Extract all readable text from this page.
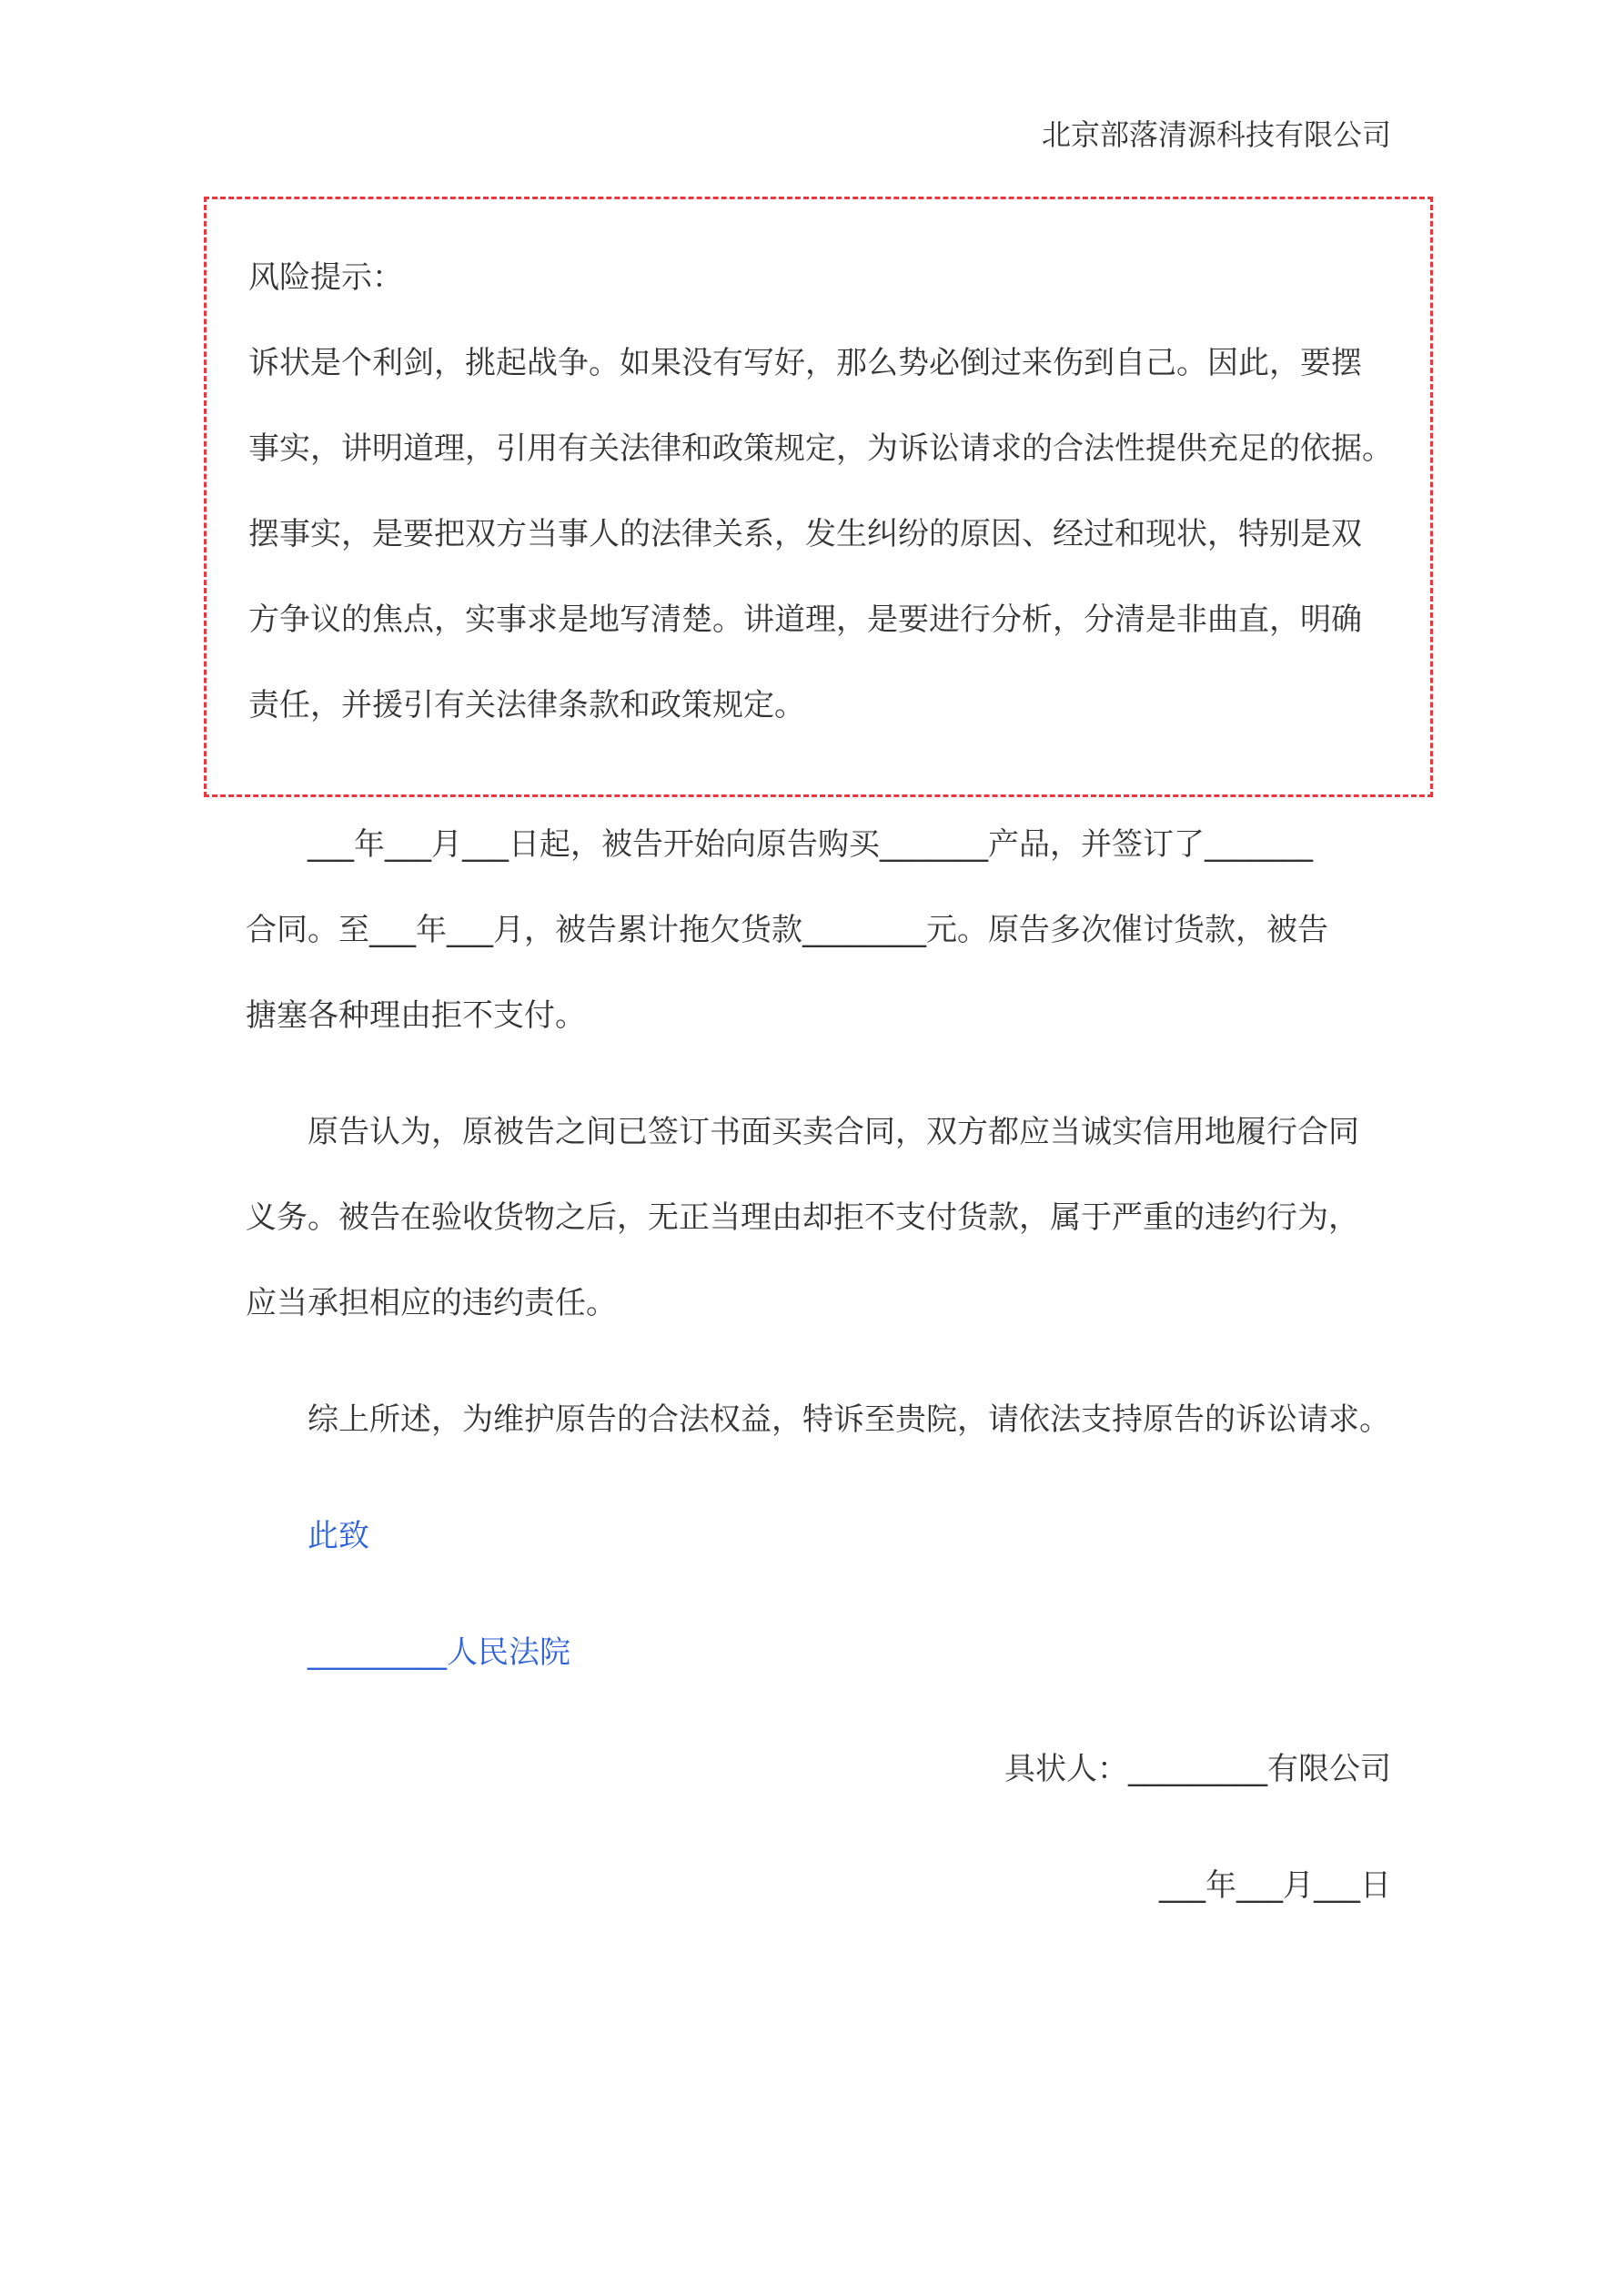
北京部落清源科技有限公司
风险提示：
诉状是个利剑，挑起战争。如果没有写好，那么势必倒过来伤到自己。因此，要摆
事实，讲明道理，引用有关法律和政策规定，为诉讼请求的合法性提供充足的依据。
摆事实，是要把双方当事人的法律关系，发生纠纷的原因、经过和现状，特别是双
方争议的焦点，实事求是地写清楚。讲道理，是要进行分析，分清是非曲直，明确
责任，并援引有关法律条款和政策规定。
　　___年___月___日起，被告开始向原告购买_______产品，并签订了_______
合同。至___年___月，被告累计拖欠货款________元。原告多次催讨货款，被告
搪塞各种理由拒不支付。
　　原告认为，原被告之间已签订书面买卖合同，双方都应当诚实信用地履行合同
义务。被告在验收货物之后，无正当理由却拒不支付货款，属于严重的违约行为，
应当承担相应的违约责任。
　　综上所述，为维护原告的合法权益，特诉至贵院，请依法支持原告的诉讼请求。
　　此致
　　_________人民法院
具状人：_________有限公司
___年___月___日
